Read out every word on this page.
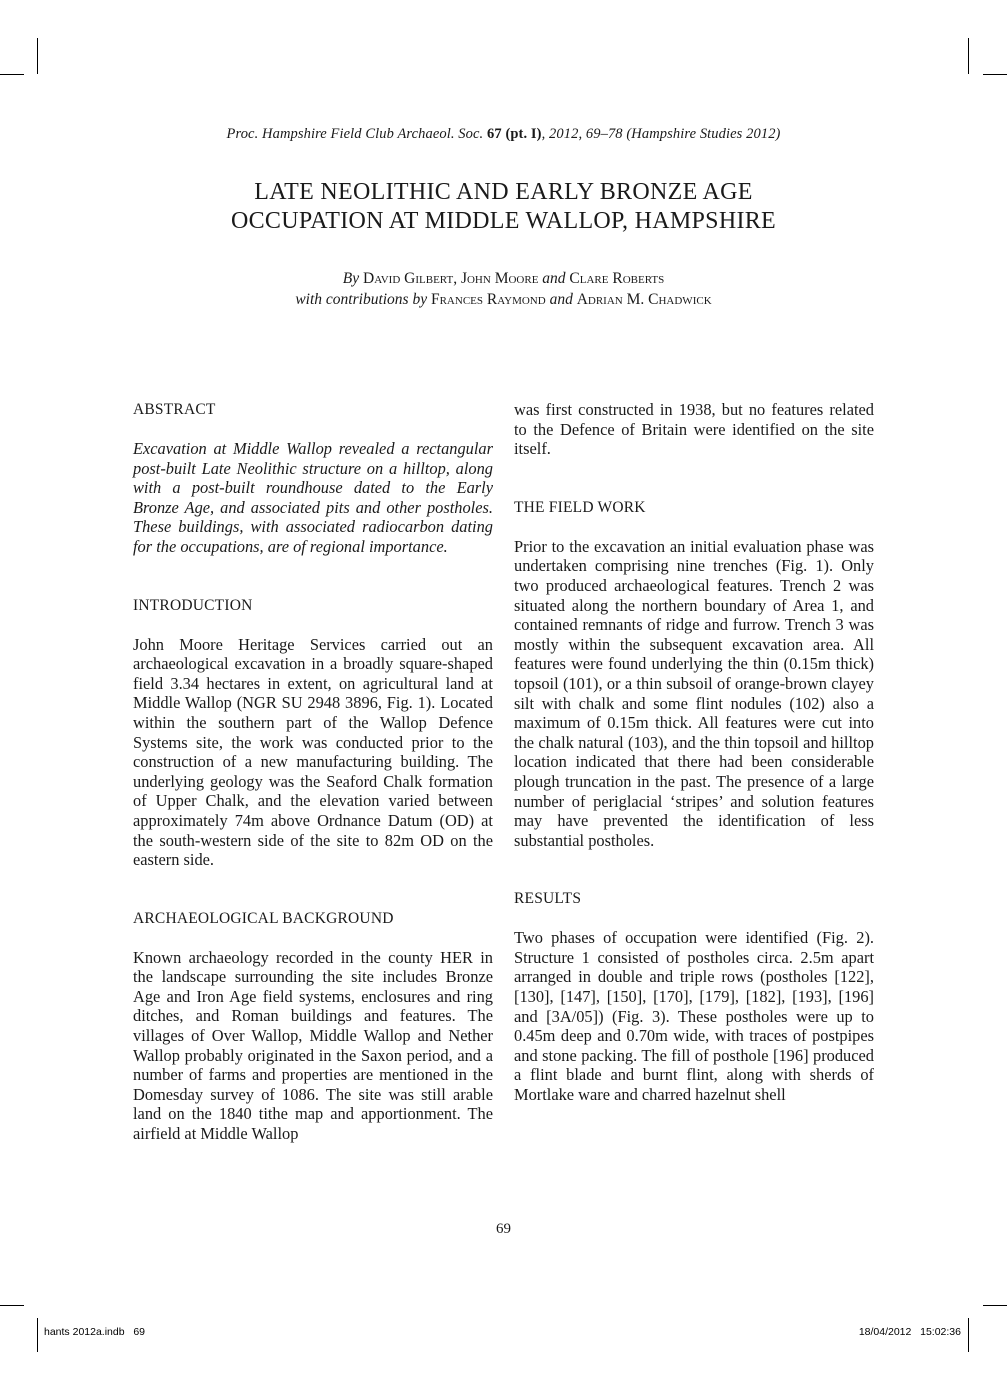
Proc. Hampshire Field Club Archaeol. Soc. 67 (pt. I), 2012, 69–78 (Hampshire Studies 2012)
LATE NEOLITHIC AND EARLY BRONZE AGE
OCCUPATION AT MIDDLE WALLOP, HAMPSHIRE
By David Gilbert, John Moore and Clare Roberts
with contributions by Frances Raymond and Adrian M. Chadwick
ABSTRACT

Excavation at Middle Wallop revealed a rectangular post-built Late Neolithic structure on a hilltop, along with a post-built roundhouse dated to the Early Bronze Age, and associated pits and other postholes. These buildings, with associated radiocarbon dating for the occupations, are of regional importance.

INTRODUCTION

John Moore Heritage Services carried out an archaeological excavation in a broadly square-shaped field 3.34 hectares in extent, on agricultural land at Middle Wallop (NGR SU 2948 3896, Fig. 1). Located within the southern part of the Wallop Defence Systems site, the work was conducted prior to the construction of a new manufacturing building. The underlying geology was the Seaford Chalk formation of Upper Chalk, and the elevation varied between approximately 74m above Ordnance Datum (OD) at the south-western side of the site to 82m OD on the eastern side.

ARCHAEOLOGICAL BACKGROUND

Known archaeology recorded in the county HER in the landscape surrounding the site includes Bronze Age and Iron Age field systems, enclosures and ring ditches, and Roman buildings and features. The villages of Over Wallop, Middle Wallop and Nether Wallop probably originated in the Saxon period, and a number of farms and properties are mentioned in the Domesday survey of 1086. The site was still arable land on the 1840 tithe map and apportionment. The airfield at Middle Wallop

was first constructed in 1938, but no features related to the Defence of Britain were identified on the site itself.

THE FIELD WORK

Prior to the excavation an initial evaluation phase was undertaken comprising nine trenches (Fig. 1). Only two produced archaeological features. Trench 2 was situated along the northern boundary of Area 1, and contained remnants of ridge and furrow. Trench 3 was mostly within the subsequent excavation area. All features were found underlying the thin (0.15m thick) topsoil (101), or a thin subsoil of orange-brown clayey silt with chalk and some flint nodules (102) also a maximum of 0.15m thick. All features were cut into the chalk natural (103), and the thin topsoil and hilltop location indicated that there had been considerable plough truncation in the past. The presence of a large number of periglacial ‘stripes’ and solution features may have prevented the identification of less substantial postholes.

RESULTS

Two phases of occupation were identified (Fig. 2). Structure 1 consisted of postholes circa. 2.5m apart arranged in double and triple rows (postholes [122], [130], [147], [150], [170], [179], [182], [193], [196] and [3A/05]) (Fig. 3). These postholes were up to 0.45m deep and 0.70m wide, with traces of postpipes and stone packing. The fill of posthole [196] produced a flint blade and burnt flint, along with sherds of Mortlake ware and charred hazelnut shell

69
hants 2012a.indb   69	18/04/2012   15:02:36
